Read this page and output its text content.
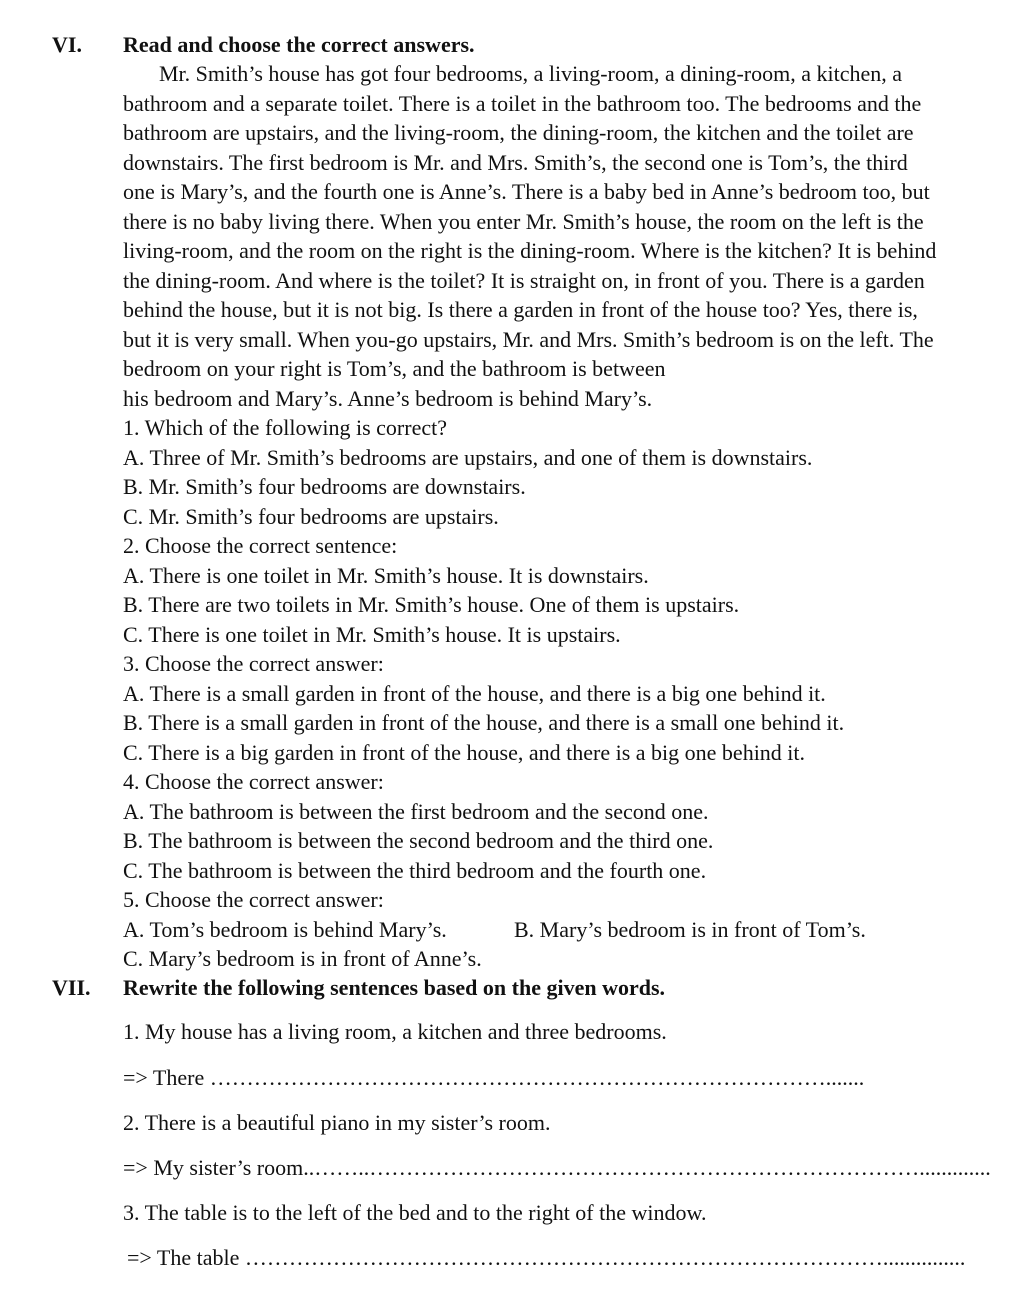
VI. Read and choose the correct answers.
Mr. Smith’s house has got four bedrooms, a living-room, a dining-room, a kitchen, a
bathroom and a separate toilet. There is a toilet in the bathroom too. The bedrooms and the
bathroom are upstairs, and the living-room, the dining-room, the kitchen and the toilet are
downstairs. The first bedroom is Mr. and Mrs. Smith’s, the second one is Tom’s, the third
one is Mary’s, and the fourth one is Anne’s. There is a baby bed in Anne’s bedroom too, but
there is no baby living there. When you enter Mr. Smith’s house, the room on the left is the
living-room, and the room on the right is the dining-room. Where is the kitchen? It is behind
the dining-room. And where is the toilet? It is straight on, in front of you. There is a garden
behind the house, but it is not big. Is there a garden in front of the house too? Yes, there is,
but it is very small. When you-go upstairs, Mr. and Mrs. Smith’s bedroom is on the left. The
bedroom on your right is Tom’s, and the bathroom is between
his bedroom and Mary’s. Anne’s bedroom is behind Mary’s.
1. Which of the following is correct?
A. Three of Mr. Smith’s bedrooms are upstairs, and one of them is downstairs.
B. Mr. Smith’s four bedrooms are downstairs.
C. Mr. Smith’s four bedrooms are upstairs.
2. Choose the correct sentence:
A. There is one toilet in Mr. Smith’s house. It is downstairs.
B. There are two toilets in Mr. Smith’s house. One of them is upstairs.
C. There is one toilet in Mr. Smith’s house. It is upstairs.
3. Choose the correct answer:
A. There is a small garden in front of the house, and there is a big one behind it.
B. There is a small garden in front of the house, and there is a small one behind it.
C. There is a big garden in front of the house, and there is a big one behind it.
4. Choose the correct answer:
A. The bathroom is between the first bedroom and the second one.
B. The bathroom is between the second bedroom and the third one.
C. The bathroom is between the third bedroom and the fourth one.
5. Choose the correct answer:
A. Tom’s bedroom is behind Mary’s.	B. Mary’s bedroom is in front of Tom’s.
C. Mary’s bedroom is in front of Anne’s.
VII. Rewrite the following sentences based on the given words.
1. My house has a living room, a kitchen and three bedrooms.
=> There ………………………………………………………………………….......
2. There is a beautiful piano in my sister’s room.
=> My sister’s room..……..………………………………………………………………….............
3. The table is to the left of the bed and to the right of the window.
=> The table ……………………………………………………………………………...............
